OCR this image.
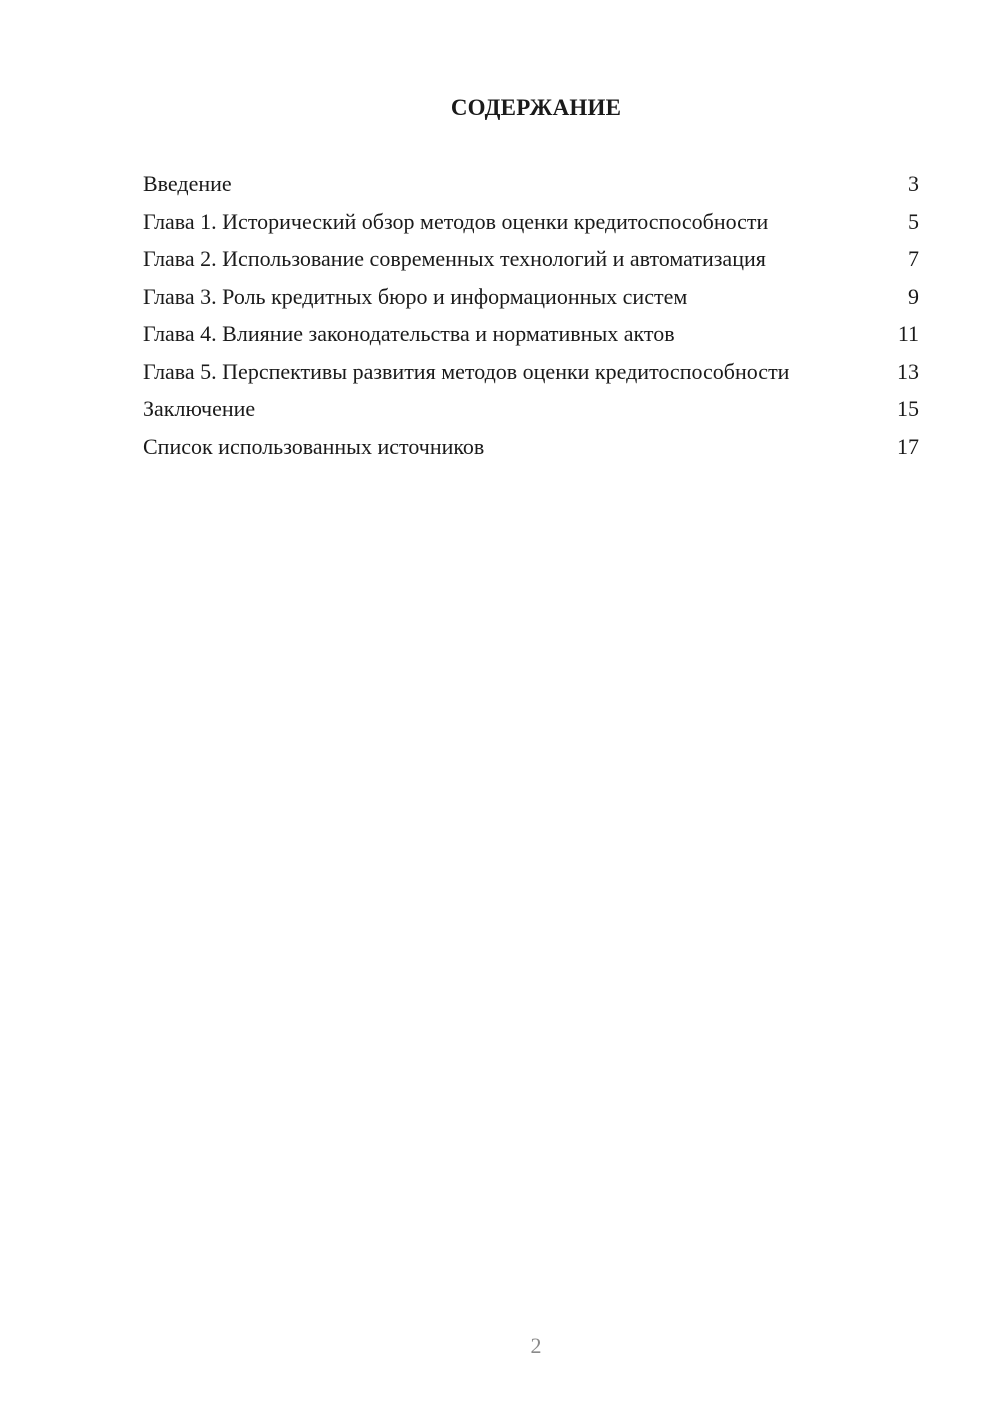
СОДЕРЖАНИЕ
Введение	3
Глава 1. Исторический обзор методов оценки кредитоспособности	5
Глава 2. Использование современных технологий и автоматизация	7
Глава 3. Роль кредитных бюро и информационных систем	9
Глава 4. Влияние законодательства и нормативных актов	11
Глава 5. Перспективы развития методов оценки кредитоспособности	13
Заключение	15
Список использованных источников	17
2
